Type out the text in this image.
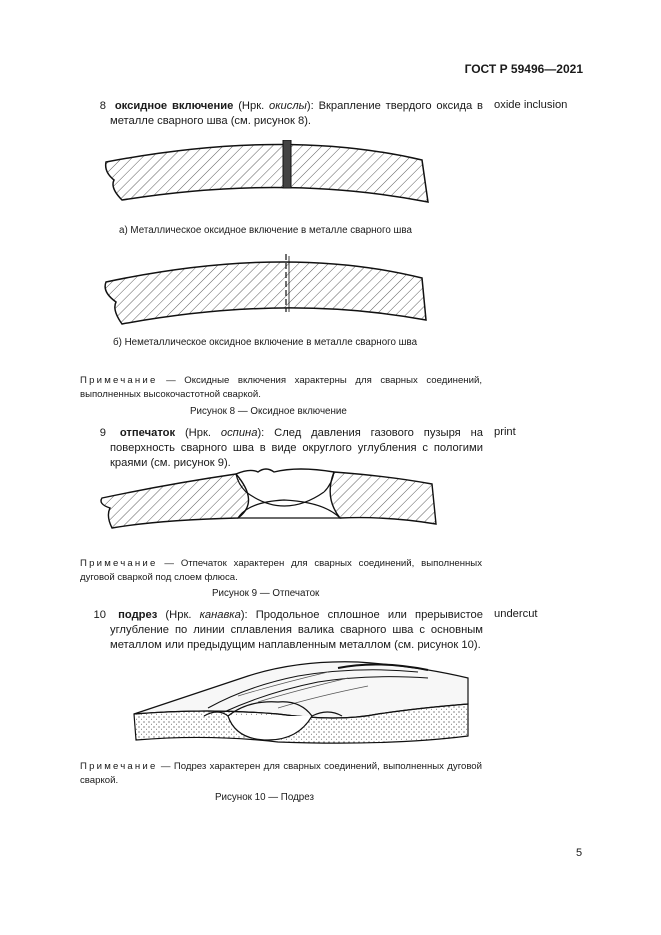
ГОСТ Р 59496—2021
8 оксидное включение (Нрк. окислы): Вкрапление твердого оксида в металле сварного шва (см. рисунок 8).
oxide inclusion
а) Металлическое оксидное включение в металле сварного шва
б) Неметаллическое оксидное включение в металле сварного шва
Примечание — Оксидные включения характерны для сварных соединений, выполненных высокочастотной сваркой.
Рисунок 8 — Оксидное включение
9 отпечаток (Нрк. оспина): След давления газового пузыря на поверхность сварного шва в виде округлого углубления с пологими краями (см. рисунок 9).
print
Примечание — Отпечаток характерен для сварных соединений, выполненных дуговой сваркой под слоем флюса.
Рисунок 9 — Отпечаток
10 подрез (Нрк. канавка): Продольное сплошное или прерывистое углубление по линии сплавления валика сварного шва с основным металлом или предыдущим наплавленным металлом (см. рисунок 10).
undercut
Примечание — Подрез характерен для сварных соединений, выполненных дуговой сваркой.
Рисунок 10 — Подрез
5
